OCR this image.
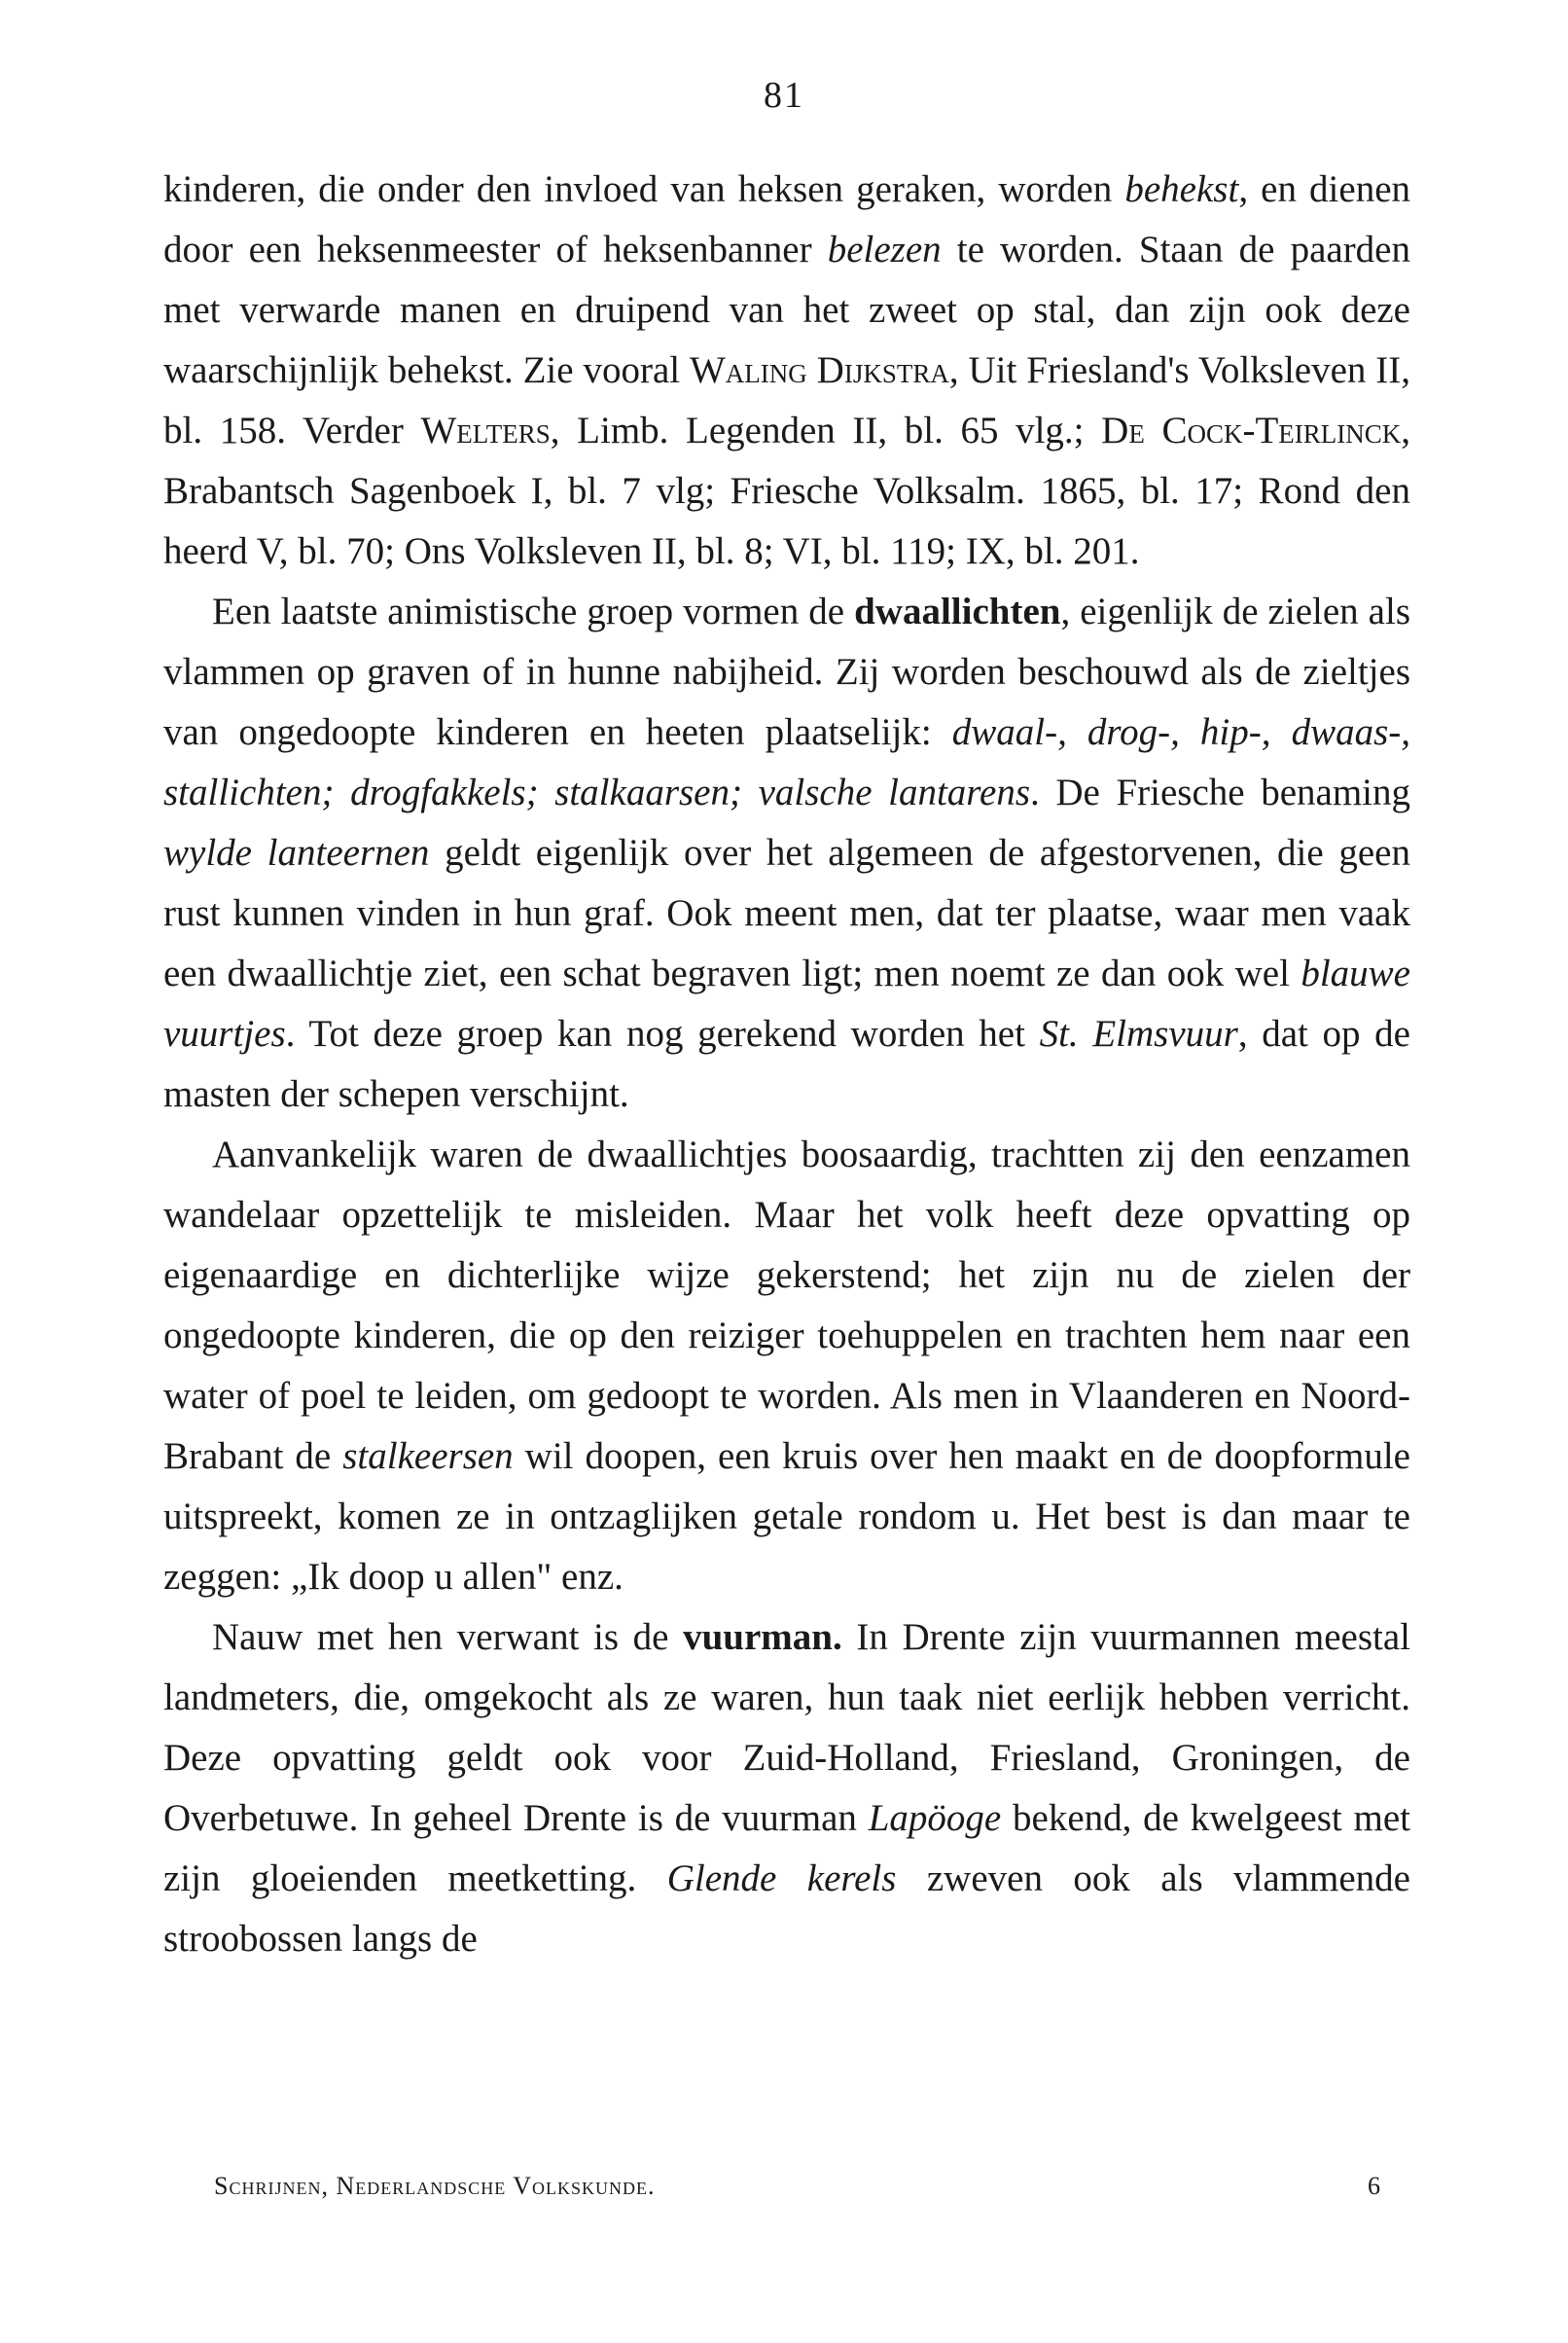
81

kinderen, die onder den invloed van heksen geraken, worden behekst, en dienen door een heksenmeester of heksenbanner belezen te worden. Staan de paarden met verwarde manen en druipend van het zweet op stal, dan zijn ook deze waarschijnlijk behekst. Zie vooral Waling Dijkstra, Uit Friesland's Volksleven II, bl. 158. Verder Welters, Limb. Legenden II, bl. 65 vlg.; De Cock-Teirlinck, Brabantsch Sagenboek I, bl. 7 vlg; Friesche Volksalm. 1865, bl. 17; Rond den heerd V, bl. 70; Ons Volksleven II, bl. 8; VI, bl. 119; IX, bl. 201.

Een laatste animistische groep vormen de dwaallichten, eigenlijk de zielen als vlammen op graven of in hunne nabijheid. Zij worden beschouwd als de zieltjes van ongedoopte kinderen en heeten plaatselijk: dwaal-, drog-, hip-, dwaas-, stallichten; drogfakkels; stalkaarsen; valsche lantarens. De Friesche benaming wylde lanteernen geldt eigenlijk over het algemeen de afgestorvenen, die geen rust kunnen vinden in hun graf. Ook meent men, dat ter plaatse, waar men vaak een dwaallichtje ziet, een schat begraven ligt; men noemt ze dan ook wel blauwe vuurtjes. Tot deze groep kan nog gerekend worden het St. Elmsvuur, dat op de masten der schepen verschijnt.

Aanvankelijk waren de dwaallichtjes boosaardig, trachtten zij den eenzamen wandelaar opzettelijk te misleiden. Maar het volk heeft deze opvatting op eigenaardige en dichterlijke wijze gekerstend; het zijn nu de zielen der ongedoopte kinderen, die op den reiziger toehuppelen en trachten hem naar een water of poel te leiden, om gedoopt te worden. Als men in Vlaanderen en Noord-Brabant de stalkeersen wil doopen, een kruis over hen maakt en de doopformule uitspreekt, komen ze in ontzaglijken getale rondom u. Het best is dan maar te zeggen: „Ik doop u allen" enz.

Nauw met hen verwant is de vuurman. In Drente zijn vuurmannen meestal landmeters, die, omgekocht als ze waren, hun taak niet eerlijk hebben verricht. Deze opvatting geldt ook voor Zuid-Holland, Friesland, Groningen, de Overbetuwe. In geheel Drente is de vuurman Lapöoge bekend, de kwelgeest met zijn gloeienden meetketting. Glende kerels zweven ook als vlammende stroobossen langs de

Schrijnen, Nederlandsche Volkskunde.	6
